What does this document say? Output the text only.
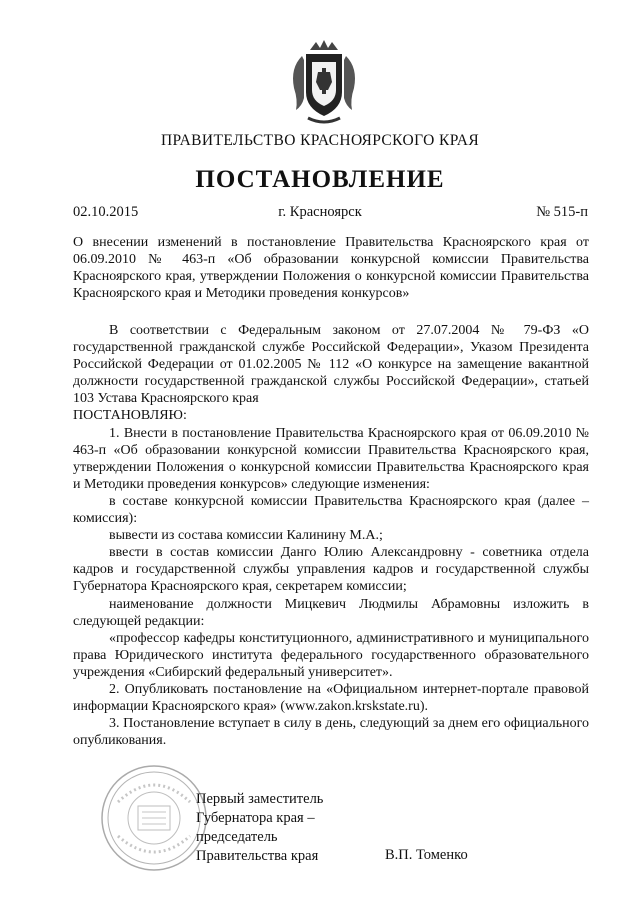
ПРАВИТЕЛЬСТВО КРАСНОЯРСКОГО КРАЯ
ПОСТАНОВЛЕНИЕ
02.10.2015	г. Красноярск	№ 515-п
О внесении изменений в постановление Правительства Красноярского края от 06.09.2010 № 463-п «Об образовании конкурсной комиссии Правительства Красноярского края, утверждении Положения о конкурсной комиссии Правительства Красноярского края и Методики проведения конкурсов»

В соответствии с Федеральным законом от 27.07.2004 № 79-ФЗ «О государственной гражданской службе Российской Федерации», Указом Президента Российской Федерации от 01.02.2005 № 112 «О конкурсе на замещение вакантной должности государственной гражданской службы Российской Федерации», статьей 103 Устава Красноярского края

ПОСТАНОВЛЯЮ:

1. Внести в постановление Правительства Красноярского края от 06.09.2010 № 463-п «Об образовании конкурсной комиссии Правительства Красноярского края, утверждении Положения о конкурсной комиссии Правительства Красноярского края и Методики проведения конкурсов» следующие изменения:

в составе конкурсной комиссии Правительства Красноярского края (далее – комиссия):

вывести из состава комиссии Калинину М.А.;

ввести в состав комиссии Данго Юлию Александровну - советника отдела кадров и государственной службы управления кадров и государственной службы Губернатора Красноярского края, секретарем комиссии;

наименование должности Мицкевич Людмилы Абрамовны изложить в следующей редакции:

«профессор кафедры конституционного, административного и муниципального права Юридического института федерального государственного образовательного учреждения «Сибирский федеральный университет».

2. Опубликовать постановление на «Официальном интернет-портале правовой информации Красноярского края» (www.zakon.krskstate.ru).

3. Постановление вступает в силу в день, следующий за днем его официального опубликования.

Первый заместитель
Губернатора края –
председатель
Правительства края	В.П. Томенко
